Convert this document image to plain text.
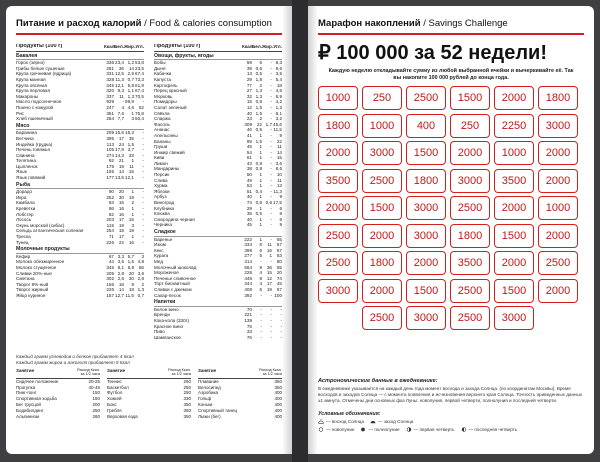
Питание и расход калорий / Food & calories consumption
Продукты (100 г)	Ккал.
Бел. Жир. Угл.
Бакалея
Горох (зерно)	336 23,4 1,2 53,8
Грибы белые сушеные	281	36	14 23,5
Крупа гречневая (ядрица)	331 12,5 2,5 67,4
Крупа манная	328 11,3 0,7 73,3
Крупа овсяная	345 12,1 5,8 61,9
Крупа перловая	320 9,3 1,1 67,4
Макароны	337	11 1,3 70,5
Масло подсолнечное	929	- 99,9	-
Пшено с кожурой	247	4 4,6	52
Рис	351 7,6	1 75,8
Хлеб пшеничный	254 7,7	3 50,4
Мясо
Баранина	209 15,6 16,3	-
Ветчина	395	17	35	-
Индейка (грудка)	113	24 1,5	-
Печень говяжья	105 17,9 3,7	-
Свинина	274 14,3	33	-
Телятина	92	21	1	-
Цыпленок	175	19	11	-
Язык	155	14	15	-
Язык говяжий	177 13,6 12,1	-
Рыба
Дорадо	90	20	1	-
Икра	252	30	18	-
Камбала	83	16	2	-
Креветки	86	16	1	-
Лобстер	82	16	1	-
Лосось	203	17	15	-
Окунь морской (сибас)	115	19	3	-
Сельдь атлантическая соленая	254	18	19	-
Треска	71	17	1	-
Тунец	226	22	16	-
Молочные продукты
Кефир	67 3,3 5,7	3
Молоко обезжиренное	44 3,5 1,5 4,8
Молоко сгущенное	345 8,1 8,8	56
Сливки 20%-ные	205 2,8	20 3,6
Сметана	302 2,6	30 2,8
Творог 9%-ный	156	18	9	2
Творог жирный	226	14	18 1,3
Яйцо куриное	157 12,7 11,5 0,7
Продукты (100 г)	Ккал.
Бел. Жир. Угл.
Овощи, фрукты, ягоды
Бобы	59	6	- 8,3
Дыня	39 0,6	- 9,6
Кабачки	13 0,5	- 3,5
Капуста	29 1,8	- 5,4
Картофель	77	2	-	18
Перец красный	27 1,3	- 4,6
Морковь	32 1,3	- 6,9
Помидоры	15 0,8	- 4,2
Салат зеленый	12 1,5	- 1,3
Свёкла	40 1,5	- 9,1
Спаржа	23	2	- 3,2
Фасоль	309	22 1,7 45,6
Ананас	46 0,5	- 11,5
Апельсины	41	1	-	9
Бананы	89 1,5	-	22
Груши	45	1	-	11
Инжир свежий	54	1	-	14
Киви	61	1	-	15
Лимон	43 0,9	- 3,6
Мандарины	38 0,8	- 8,6
Персик	50	1	-	10
Слива	49	1	-	11
Хурма	53	1	-	13
Яблоки	51 0,4	- 11,3
Арбуз	40	1	-	9
Виноград	74 0,6 0,6 17,5
Клубника	29	1	-	6
Клюква	35 0,5	-	8
Смородина черная	40	1	-	8
Черника	45	1	-	9
Сладкое
Варенье	222	1	-	55
Изюм	334	6	11	57
Кекс	398	6	16	57
Курага	277	5	1	63
Мед	314	-	-	80
Молочный шоколад	564	9	36	55
Мороженое	226	4	15	20
Печенье сливочное	446	8	12	74
Торт бисквитный	344	4	17	45
Сливки с джемом	408	5	19	57
Сахар-песок	392	-	- 100
Напитки
Белое вино	70	-	-	-
Бренди	221	-	-	-
Кока-кола (330г)	139	-	-	-
Красное вино	75	-	-	-
Пиво	33	-	-	-
Шампанское	76	-	-	-
Каждый грамм углеводов и белков прибавляет 4 Ккал
Каждый грамм жиров и алкоголя прибавляет 9 Ккал
Занятие	Расход Ккал. за 1/2 часа
Сидячее положение	20-25
Прогулка	40-45
Пинг-понг	150
Спортивная ходьба	150
Бег трусцой	200
Бодибилдинг	250
Альпинизм	260
Занятие	Расход Ккал. за 1/2 часа
Теннис	250
Баскетбол	250
Футбол	250
Хоккей	330
Бокс	350
Гребля	350
Верховая езда	350
Занятие	Расход Ккал. за 1/2 часа
Плавание	350
Велосипед	350
Аэробика	400
Гольф	400
Коньки	400
Спортивный танец	400
Лыжи (бег)	400
Марафон накоплений / Savings Challenge
₽ 100 000 за 52 недели!
Каждую неделю откладывайте сумму из любой выбранной ячейки и вычеркивайте её. Так вы накопите 100 000 рублей до конца года.
1000	250	2500	1500	2000	1800
1800	1000	400	250	2250	3000
2000	3000	1500	2000	1000	2000
3500	2500	1800	3000	3500	2000
2000	1500	3000	2500	2000	1000
2500	2000	3000	1800	1500	2000
2500	1800	2000	3500	2000	2500
3000	2000	1500	2500	1500	2000
2500	3000	2500	3000
Астрономические данные в ежедневнике:
В ежедневнике указывается на каждый день года момент восхода и захода Солнца. (по координатам Москвы). Время восходов и заходов Солнца — с момента появления и исчезновения верхнего края Солнца. Точность приведенных данных ±1 минута. Отмечены дни основных фаз Луны: новолуния, первой четверти, полнолуния и последней четверти.
Условные обозначения:
— восход Солнца	— заход Солнца
— новолуние	— полнолуние	— первая четверть	— последняя четверть
